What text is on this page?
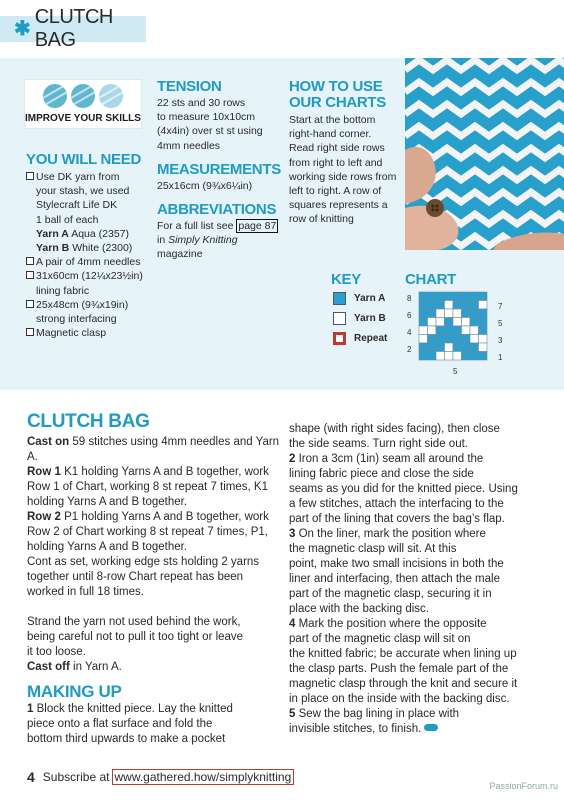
✱
CLUTCH BAG
IMPROVE YOUR SKILLS
YOU WILL NEED
Use DK yarn from
your stash, we used
Stylecraft Life DK
1 ball of each
Yarn A Aqua (2357)
Yarn B White (2300)
A pair of 4mm needles
31x60cm (12¼x23½in)
lining fabric
25x48cm (9¾x19in)
strong interfacing
Magnetic clasp
TENSION
22 sts and 30 rows
to measure 10x10cm
(4x4in) over st st using
4mm needles
MEASUREMENTS
25x16cm (9¾x6¼in)
ABBREVIATIONS
For a full list see page 87
in Simply Knitting
magazine
HOW TO USE
OUR CHARTS
Start at the bottom
right-hand corner.
Read right side rows
from right to left and
working side rows from
left to right. A row of
squares represents a
row of knitting
KEY
Yarn A
Yarn B
Repeat
CHART
8
6
4
2
7
5
3
1
5
CLUTCH BAG
Cast on 59 stitches using 4mm needles and Yarn
A.
Row 1 K1 holding Yarns A and B together, work
Row 1 of Chart, working 8 st repeat 7 times, K1
holding Yarns A and B together.
Row 2 P1 holding Yarns A and B together, work
Row 2 of Chart working 8 st repeat 7 times, P1,
holding Yarns A and B together.
Cont as set, working edge sts holding 2 yarns
together until 8-row Chart repeat has been
worked in full 18 times.
Strand the yarn not used behind the work,
being careful not to pull it too tight or leave
it too loose.
Cast off in Yarn A.
MAKING UP
1 Block the knitted piece. Lay the knitted
piece onto a flat surface and fold the
bottom third upwards to make a pocket
shape (with right sides facing), then close
the side seams. Turn right side out.
2 Iron a 3cm (1in) seam all around the
lining fabric piece and close the side
seams as you did for the knitted piece. Using
a few stitches, attach the interfacing to the
part of the lining that covers the bag’s flap.
3 On the liner, mark the position where
the magnetic clasp will sit. At this
point, make two small incisions in both the
liner and interfacing, then attach the male
part of the magnetic clasp, securing it in
place with the backing disc.
4 Mark the position where the opposite
part of the magnetic clasp will sit on
the knitted fabric; be accurate when lining up
the clasp parts. Push the female part of the
magnetic clasp through the knit and secure it
in place on the inside with the backing disc.
5 Sew the bag lining in place with
invisible stitches, to finish.
4 Subscribe at www.gathered.how/simplyknitting
PassionForum.ru
